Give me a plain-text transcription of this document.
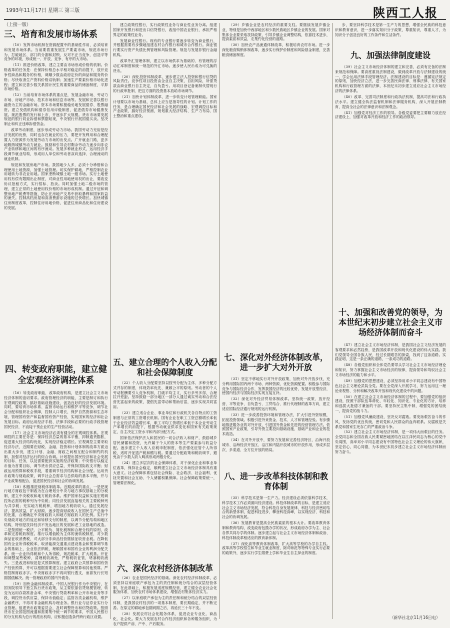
1993年11月17日 星期三 第三版	陕西工人报
（上接一版）
三、培育和发展市场体系

（10）发挥市场机制在资源配置中的基础性作用，必须培育和发展市场体系。当前要着重发展生产要素市场，规范市场行为，打破地区、部门的分割和封锁，反对不正当竞争，创造平等竞争的环境，形成统一、开放、竞争、有序的大市场。

（11）推进价格改革，建立主要由市场形成价格的机制。价格改革的任务是：在保持价格总水平相对稳定的前提下，放开竞争性商品和服务的价格，调顺少数由政府定价的商品和服务的价格；尽快取消生产资料价格双轨制；加速生产要素价格市场化进程；建立和完善少数关系国计民生的重要商品的储备制度，平抑市场价格。

（12）当前培育市场体系的重点是，发展金融市场、劳动力市场、房地产市场、技术市场和信息市场等。发展和完善以银行融资为主的金融市场。资本市场要积极稳妥地发展债券、股票融资。建立发债机构和债券信用评级制度，促进债券市场健康发展。规范股票的发行和上市，并逐步扩大规模。货币市场要发展规范的银行同业拆借和票据贴现，中央银行开展国债买卖。坚决制止和纠正违章拆借资金。

改革劳动制度，逐步形成劳动力市场。我国劳动力充裕是经济发展的优势，同时也存在就业的压力，要把开发利用和合理配置人力资源作为发展劳动力市场的出发点。广开就业门路，更多地吸纳城镇劳动力就业。鼓励和引导农村剩余劳动力逐步向非农产业转移和地区间的有序流动。发展多种就业形式，运用经济手段调节就业结构，形成用人单位和劳动者双向选择、合理流动的就业机制。

规范和发展房地产市场。我国地少人多，必须十分珍惜和合理使用土地资源，加强土地管理。切实保护耕地，严格控制农业用地转为非农业用地。国家垄断城镇土地一级市场。实行土地使用权有偿有限期出让制度，对商业性用地使用权的出让，要改变协议批租方式，实行招标、拍卖。同时加强土地二级市场的管理，建立正常的土地使用权价格的市场形成机制。通过开征和调整房地产税费等措施，防止在房地产交易中获取暴利和国家收益的流失。控制高档房屋和高消费游乐设施的过快增长。加快城镇住房制度改革，控制住房用地价格，促进住房商品化和住房建设的发展。

四、转变政府职能，建立健全宏观经济调控体系

（16）转变政府职能，改革政府机构，是建立社会主义市场经济体制的迫切要求。政府管理经济的职能，主要是制订和执行宏观调控政策，搞好基础设施建设，创造良好的经济发展环境。同时，要培育市场体系、监督市场运行和维护平等竞争，调节社会分配和组织社会保障，控制人口增长，保护自然资源和生态环境，管理国有资产和监督国有资产经营，实现国家的经济和社会发展目标。政府运用经济手段、法律手段和必要的行政手段管理国民经济，不直接干预企业的生产经营活动。

（17）社会主义市场经济必须有健全的宏观调控体系。宏观调控的主要任务是：保持经济总量的基本平衡，抑制通货膨胀，促进重大经济结构优化，实现经济稳定增长。宏观调控主要采取经济办法，近期要在财税、金融、投资和计划体制的改革方面迈出重大步伐，建立计划、金融、财政之间相互配合和制约的机制，加强对经济运行的综合协调。计划提出国民经济和社会发展的目标、任务，以及需要配套实施的经济政策；中央银行以稳定币值为首要目标，调节货币供应总量，并保持国际收支平衡；财政运用预算和税收手段，着重调节经济结构和社会分配。运用货币政策与财政政策，调节社会总需求与总供给的基本平衡，并与产业政策相配合，促进国民经济和社会的协调发展。

（18）积极推进财税体制改革。近期改革的重点，一是把现行地方财政包干制改为在合理划分中央与地方事权基础上的分税制，建立中央税收和地方税收体系。维护国家权益和实施宏观调控所必需的税种列为中央税；同经济发展直接相关的主要税种列为共享税；充实地方税税种，增加地方税收收入。通过发展经济，提高效益，扩大财源，逐步提高财政收入在国民生产总值中的比重，合理确定中央财政收入和地方财政收入的比例。实行中央财政对地方的返还和转移支付的制度，以调节分配结构和地区结构，特别是扶持经济不发达地区的发展和老工业基地的改造。二是按照统一税法、公平税负、简化税制和合理分权的原则，改革和完善税收制度。推行以增值税为主体的流转税制度，对少数商品征收消费税，对大部分非商品经营继续征收营业税。在降低国有企业所得税税率，取消能源交通重点建设基金和预算调节基金的基础上，企业依法纳税，理顺国家和国有企业的利润分配关系。统一企业所得税和个人所得税，规范税率，扩大税基。开征和调整某些税种，清理税收减免，严格税收征管，堵塞税收流失。三是改进和规范复式预算制度。建立政府公共预算和国有资产经营预算，并可以根据需要建立社会保障预算和其他预算。严格控制财政赤字。中央财政赤字不再向银行透支，而靠发行长短期国债解决。统一管理政府的国内外债务。

（19）加快金融体制改革。中国人民银行作为中央银行，在国务院领导下独立执行货币政策，从主要依靠信贷规模管理，转变为运用存款准备金率、中央银行贷款利率和公开市场业务等手段，调控货币供应量，保持币值稳定；监管各类金融机构，维护金融秩序，不再对非金融机构办理业务。银行业与证券业实行分业管理。组建货币政策委员会，及时调整货币和信贷政策。按照货币在全国范围流通和需要集中统一调节的要求，中国人民银行的分支机构为总行的派出机构，应积极创造条件跨行政区设置。

建立政策性银行，实行政策性业务与商业性业务分离。组建国家开发银行和进出口信贷银行，改组中国农业银行，承担严格界定的政策性业务。

发展商业性银行。现有的专业银行要逐步转变为商业银行，并根据需要有步骤地组建农村合作银行和城市合作银行。商业银行要实行资产负债比例管理和风险管理。规范与发展非银行金融机构。

改革外汇管理体制，建立以市场供求为基础的、有管理的浮动汇率制度和统一规范的外汇市场。逐步使人民币成为可兑换的货币。

（20）深化投资体制改革，逐步建立法人投资和银行信贷的风险责任。竞争性项目投资由企业自主决策，自担风险，所需贷款由商业银行自主决定，自负盈亏。用项目登记备案制代替现行的行政审批制，把这方面的投资基本放给市场调节。

（21）加快计划体制改革，进一步转变计划管理职能。国家计划要以市场为基础，总体上应当是指导性的计划。计划工作的任务，是合理确定国民经济和社会发展的战略、宏观调控目标和产业政策，搞好经济预测，规划重大经济结构、生产力布局、国土整治和重点建设。

五、建立合理的个人收入分配和社会保障制度

（22）个人收入分配要坚持以按劳分配为主体、多种分配方式并存的制度，体现效率优先、兼顾公平的原则。劳动者的个人劳动报酬要引入竞争机制，打破平均主义，实行多劳多得，合理拉开差距。坚持鼓励一部分地区一部分人通过诚实劳动和合法经营先富起来的政策，提倡先富带动和帮助后富，逐步实现共同富裕。

（23）建立适合企业、事业单位和行政机关各自特点的工资制度与正常的工资增长机制。国有企业在职工工资总额增长率低于企业经济效益增长率，职工平均工资增长率低于本企业劳动生产率增长的前提下，根据劳动就业供求变化和国家有关政策规定，自主决定工资水平和内部分配方式。

国家依法保护法人和居民的一切合法收入和财产，鼓励城乡居民储蓄和投资，允许属于个人的资本等生产要素参与收益分配。逐步建立个人收入应税申报制度，依法强化征管个人所得税，适时开征遗产税和赠与税。要通过分配政策和税收调节，避免由于少数人收入畸高形成两极分化。

（24）建立多层次的社会保障体系，对于深化企业和事业单位改革，保持社会稳定，顺利建立社会主义市场经济体制具有重大意义。社会保障体系包括社会保险、社会救济、社会福利、优抚安置和社会互助、个人储蓄积累保障。社会保障政策要统一，管理要法制化。

六、深化农村经济体制改革

（26）农业是国民经济的基础。深化农村经济体制改革，必须坚持以家庭联产承包为主的责任制和统分结合的双层经营体制，在此基础上，积极发展适度规模经营，建立健全农业社会化服务体系，加快农村市场体系建设，增强农村集体经济实力。

（27）以家庭联产承包为主的责任制和统分结合的双层经营体制，是我国农村经济的一项基本制度，要长期稳定，并不断完善。在原定的耕地承包期到期之后，再延长三十年不变。

（28）发展农村社会化服务体系，促进农业专业化、商品化、社会化。要大力发展农村合作经济组织和各种服务组织，为农户提供产前、产中、产后服务。

（29）乡镇企业是农村经济的重要支柱。要继续发展乡镇企业，特别是加快中西部地区和少数民族地区乡镇企业的发展。国家对集体企业要采取扶持政策，引导乡镇企业调整结构，依靠技术进步，提高素质和效益，走集约化经营的道路。

（30）加快农产品流通体制改革，积极培育农村市场。进一步深化粮食购销体制改革，逐步实行保护价制度和风险基金制度，完善粮食储备制度。

七、深化对外经济体制改革，进一步扩大对外开放

（31）坚定不移地实行对外开放政策，加快对外开放步伐，充分利用国际国内两个市场、两种资源，优化资源配置。积极参与国际竞争与国际经济合作，发挥我国经济的比较优势，发展开放型经济，使国内经济与国际经济实现互接互补。

（32）深化对外经济贸易体制改革。坚持统一政策、放开经营、平等竞争、自负盈亏、工贸结合、推行代理制的改革方向，建立适应国际经济通行规则的运行机制。

（33）进一步改善投资环境和管理办法，扩大引进外资规模，拓宽投资领域。积极引进外来资金、技术、人才和管理经验。有步骤地推进服务业的对外开放，引进国外资金和先进的经营管理方法。依照国家产业政策，引导外资主要投向基础设施、基础产业和企业的技术改造。

（34）在对外开放中，要努力发展和完善经济特区、沿海开放城市、沿海经济开放区、沿江和内陆开放城市的开放作用，形成多层次、多渠道、全方位开放的格局。

八、进一步改革科技体制和教育体制

（35）科学技术是第一生产力。经济建设必须依靠科学技术，科学技术工作必须面向经济建设。科技体制改革的目标，是建立适应社会主义市场经济发展，符合科技自身发展规律，科技与经济密切结合的新型体制，促进科技进步，攀登科技高峰，以实现经济、科技和社会的协调发展。

（36）发展教育是提高全民族素质的根本大计。要改革教育体制和教育结构，改变政府包揽办学的状况，形成政府办学为主、社会各界共同办学的体制。逐步建立起与社会主义市场经济体制和政治、科技体制改革相适应的教育新体制。

（37）深化高等教育体制改革，扩大高等学校的办学自主权。改革高等学校招生和毕业生就业制度，除对师范等特殊专业实行必要的政策外，逐步实行学生缴费上学和毕业生自主择业的制度。

步，要坚持科学技术是第一生产力的思想，增强全民族的科技意识和教育意识，进一步落实知识分子政策，尊重知识，尊重人才，为知识分子创造良好的工作条件和生活条件。

九、加强法律制度建设

（39）社会主义市场经济体制的建立和完善，必须有完备的法制来规范和保障。要高度重视法制建设，做到改革开放与法制建设的统一，学会运用法律手段管理经济。法制建设的目标是：遵循宪法规定的原则，加快经济立法，进一步完善民商法律、刑事法律、有关国家机构和行政管理方面的法律，本世纪末初步建立适应社会主义市场经济的法律体系。

（40）改革、完善司法制度和行政执法机制，提高司法和行政执法水平。建立健全执法监督机制和法律服务机构，深入开展法制教育，提高全社会的法律意识和法制观念。

（41）加强党对经济工作的领导。各级党委要把主要精力放在经济建设上，加强对改革开放和经济工作的政治领导。

十、加强和改善党的领导，为本世纪末初步建立社会主义市场经济体制而奋斗

（47）建立社会主义市场经济体制，是我国社会主义经济发展的客观要求和必然趋势，是我国改革开放和现代化建设的伟大实践。我们党领导全国各族人民，经过长期艰苦的探索，找到了这条道路。实践证明，这是一条正确的道路，一条成功的道路。

（48）各级党组织和全体党员要带头学习社会主义市场经济理论和知识，努力掌握社会主义市场经济的规律，提高领导和驾驭社会主义市场经济的能力和水平。

（49）加强党的思想建设，必须坚持用邓小平同志建设有中国特色社会主义理论武装全党。要在全党深入开展学习，努力运用这一理论来观察、分析和解决改革开放和现代化建设中的问题。

（50）在建立社会主义市场经济体制的过程中，要加强党的组织建设，按照干部队伍革命化、年轻化、知识化、专业化的方针，培养和选拔大批德才兼备的干部。要坚持民主集中制，增强党的团结统一，提高党的战斗力。

（51）加强党风廉政建设，坚决反对腐败。要发扬艰苦奋斗的作风，发扬党的优良传统，密切党和人民群众的血肉联系。反腐败是关系党和国家生死存亡的严重政治斗争。

（52）建立社会主义市场经济体制，是一项伟大而艰巨的任务。全党同志和全国各族人民要紧密地团结在以江泽民同志为核心的党中央周围，高举邓小平同志建设有中国特色社会主义理论的伟大旗帜，坚定信心，同心同德，为本世纪末初步建立社会主义市场经济体制而努力奋斗。

（新华社北京11月16日电）
